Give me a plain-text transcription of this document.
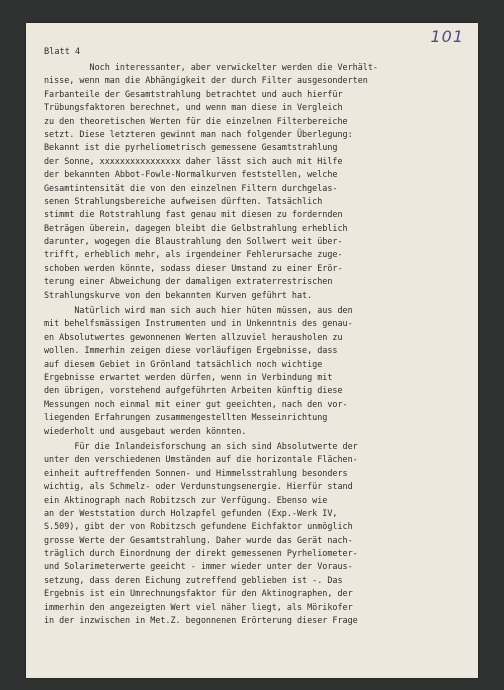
101
Blatt 4
Noch interessanter, aber verwickelter werden die Verhält-
nisse, wenn man die Abhängigkeit der durch Filter ausgesonderten
Farbanteile der Gesamtstrahlung betrachtet und auch hierfür
Trübungsfaktoren berechnet, und wenn man diese in Vergleich
zu den theoretischen Werten für die einzelnen Filterbereiche
setzt. Diese letzteren gewinnt man nach folgender Überlegung:
Bekannt ist die pyrheliometrisch gemessene Gesamtstrahlung
der Sonne, xxxxxxxxxxxxxxxx daher lässt sich auch mit Hilfe
der bekannten Abbot-Fowle-Normalkurven feststellen, welche
Gesamtintensität die von den einzelnen Filtern durchgelas-
senen Strahlungsbereiche aufweisen dürften. Tatsächlich
stimmt die Rotstrahlung fast genau mit diesen zu fordernden
Beträgen überein, dagegen bleibt die Gelbstrahlung erheblich
darunter, wogegen die Blaustrahlung den Sollwert weit über-
trifft, erheblich mehr, als irgendeiner Fehlerursache zuge-
schoben werden könnte, sodass dieser Umstand zu einer Erör-
terung einer Abweichung der damaligen extraterrestrischen
Strahlungskurve von den bekannten Kurven geführt hat.
Natürlich wird man sich auch hier hüten müssen, aus den
mit behelfsmässigen Instrumenten und in Unkenntnis des genau-
en Absolutwertes gewonnenen Werten allzuviel herausholen zu
wollen. Immerhin zeigen diese vorläufigen Ergebnisse, dass
auf diesem Gebiet in Grönland tatsächlich noch wichtige
Ergebnisse erwartet werden dürfen, wenn in Verbindung mit
den übrigen, vorstehend aufgeführten Arbeiten künftig diese
Messungen noch einmal mit einer gut geeichten, nach den vor-
liegenden Erfahrungen zusammengestellten Messeinrichtung
wiederholt und ausgebaut werden könnten.
Für die Inlandeisforschung an sich sind Absolutwerte der
unter den verschiedenen Umständen auf die horizontale Flächen-
einheit auftreffenden Sonnen- und Himmelsstrahlung besonders
wichtig, als Schmelz- oder Verdunstungsenergie. Hierfür stand
ein Aktinograph nach Robitzsch zur Verfügung. Ebenso wie
an der Weststation durch Holzapfel gefunden (Exp.-Werk IV,
S.509), gibt der von Robitzsch gefundene Eichfaktor unmöglich
grosse Werte der Gesamtstrahlung. Daher wurde das Gerät nach-
träglich durch Einordnung der direkt gemessenen Pyrheliometer-
und Solarimeterwerte geeicht - immer wieder unter der Voraus-
setzung, dass deren Eichung zutreffend geblieben ist -. Das
Ergebnis ist ein Umrechnungsfaktor für den Aktinographen, der
immerhin den angezeigten Wert viel näher liegt, als Mörikofer
in der inzwischen in Met.Z. begonnenen Erörterung dieser Frage
